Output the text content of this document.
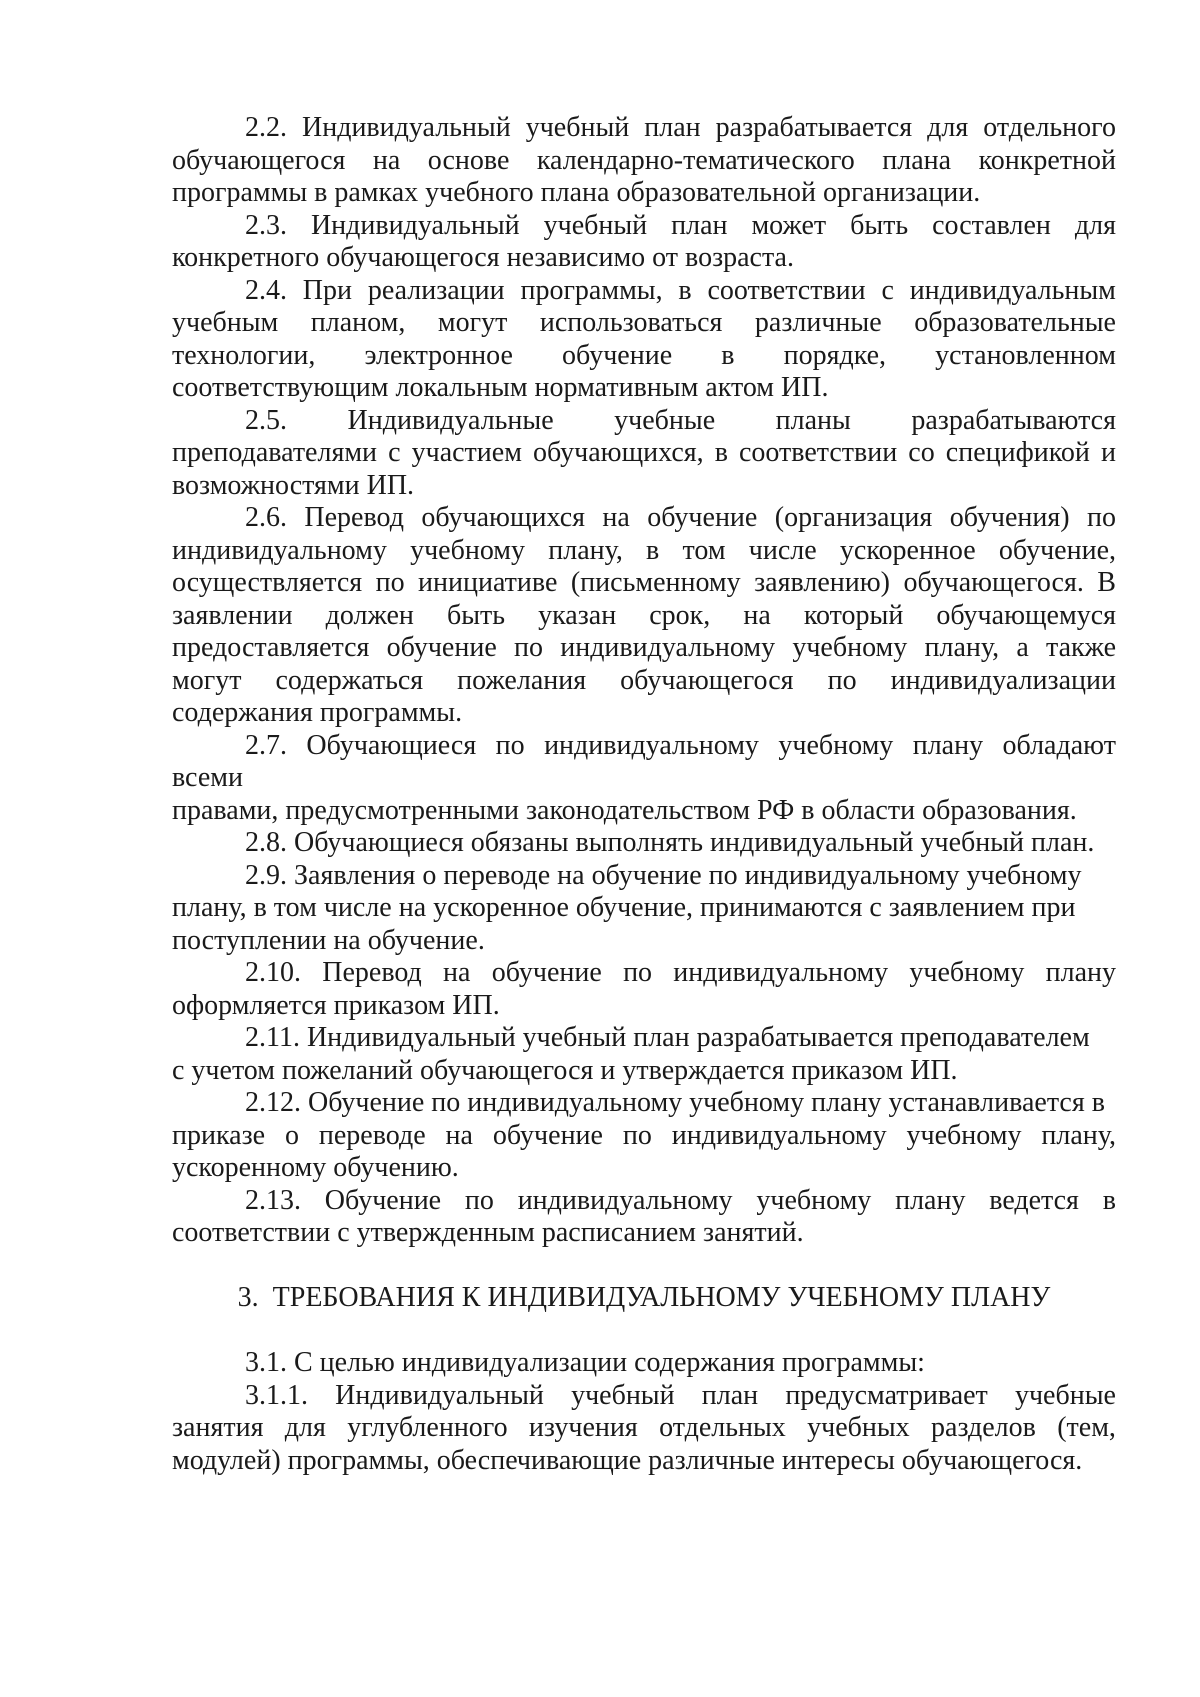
2.2. Индивидуальный учебный план разрабатывается для отдельного
обучающегося на основе календарно-тематического плана конкретной
программы в рамках учебного плана образовательной организации.
2.3. Индивидуальный учебный план может быть составлен для
конкретного обучающегося независимо от возраста.
2.4. При реализации программы, в соответствии с индивидуальным
учебным планом, могут использоваться различные образовательные
технологии, электронное обучение в порядке, установленном
соответствующим локальным нормативным актом ИП.
2.5. Индивидуальные учебные планы разрабатываются
преподавателями с участием обучающихся, в соответствии со спецификой и
возможностями ИП.
2.6. Перевод обучающихся на обучение (организация обучения) по
индивидуальному учебному плану, в том числе ускоренное обучение,
осуществляется по инициативе (письменному заявлению) обучающегося. В
заявлении должен быть указан срок, на который обучающемуся
предоставляется обучение по индивидуальному учебному плану, а также
могут содержаться пожелания обучающегося по индивидуализации
содержания программы.
2.7. Обучающиеся по индивидуальному учебному плану обладают
всеми
правами, предусмотренными законодательством РФ в области образования.
2.8. Обучающиеся обязаны выполнять индивидуальный учебный план.
2.9. Заявления о переводе на обучение по индивидуальному учебному
плану, в том числе на ускоренное обучение, принимаются с заявлением при
поступлении на обучение.
2.10. Перевод на обучение по индивидуальному учебному плану
оформляется приказом ИП.
2.11. Индивидуальный учебный план разрабатывается преподавателем
с учетом пожеланий обучающегося и утверждается приказом ИП.
2.12. Обучение по индивидуальному учебному плану устанавливается в
приказе о переводе на обучение по индивидуальному учебному плану,
ускоренному обучению.
2.13. Обучение по индивидуальному учебному плану ведется в
соответствии с утвержденным расписанием занятий.
3.  ТРЕБОВАНИЯ К ИНДИВИДУАЛЬНОМУ УЧЕБНОМУ ПЛАНУ
3.1. С целью индивидуализации содержания программы:
3.1.1. Индивидуальный учебный план предусматривает учебные
занятия для углубленного изучения отдельных учебных разделов (тем,
модулей) программы, обеспечивающие различные интересы обучающегося.
